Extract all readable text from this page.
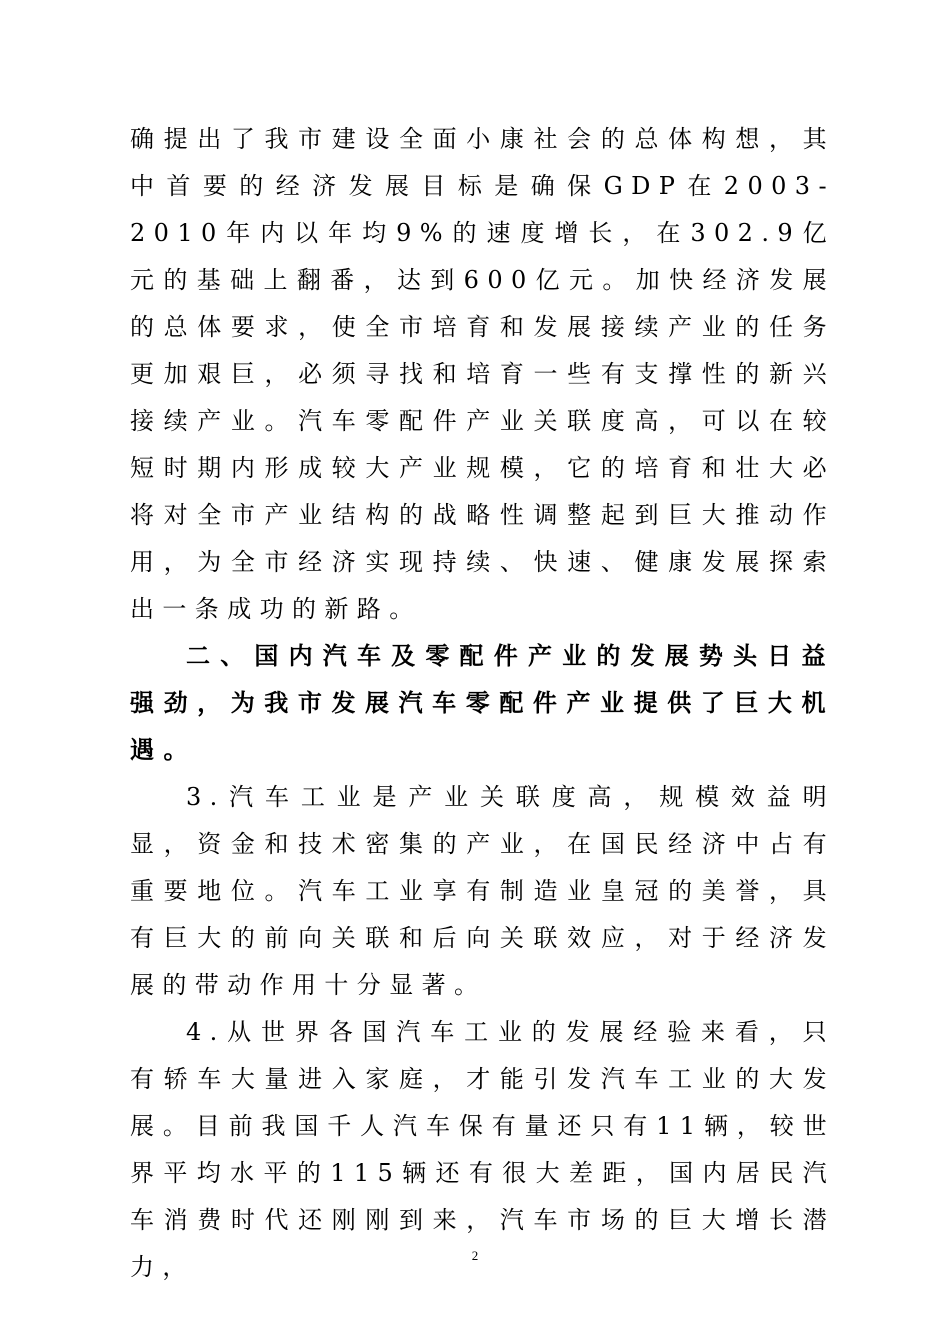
确提出了我市建设全面小康社会的总体构想，其中首要的经济发展目标是确保GDP在2003-2010年内以年均9%的速度增长，在302.9亿元的基础上翻番，达到600亿元。加快经济发展的总体要求，使全市培育和发展接续产业的任务更加艰巨，必须寻找和培育一些有支撑性的新兴接续产业。汽车零配件产业关联度高，可以在较短时期内形成较大产业规模，它的培育和壮大必将对全市产业结构的战略性调整起到巨大推动作用，为全市经济实现持续、快速、健康发展探索出一条成功的新路。

二、国内汽车及零配件产业的发展势头日益强劲，为我市发展汽车零配件产业提供了巨大机遇。

3.汽车工业是产业关联度高，规模效益明显，资金和技术密集的产业，在国民经济中占有重要地位。汽车工业享有制造业皇冠的美誉，具有巨大的前向关联和后向关联效应，对于经济发展的带动作用十分显著。

4.从世界各国汽车工业的发展经验来看，只有轿车大量进入家庭，才能引发汽车工业的大发展。目前我国千人汽车保有量还只有11辆，较世界平均水平的115辆还有很大差距，国内居民汽车消费时代还刚刚到来，汽车市场的巨大增长潜力，	2
